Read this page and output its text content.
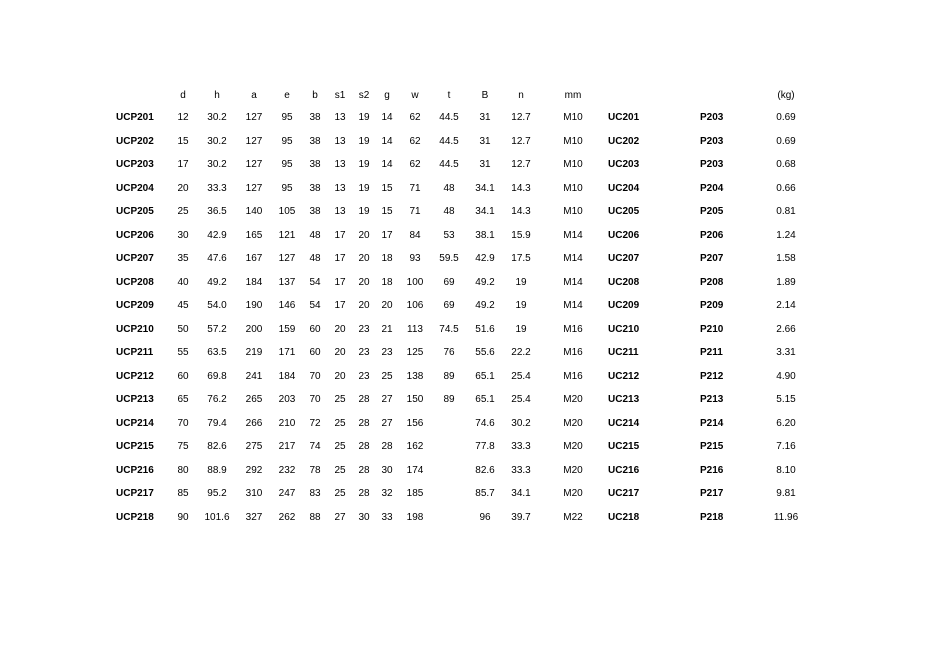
	d	h	a	e	b	s1	s2	g	w	t	B	n	mm			(kg)
UCP201	12	30.2	127	95	38	13	19	14	62	44.5	31	12.7	M10	UC201	P203	0.69
UCP202	15	30.2	127	95	38	13	19	14	62	44.5	31	12.7	M10	UC202	P203	0.69
UCP203	17	30.2	127	95	38	13	19	14	62	44.5	31	12.7	M10	UC203	P203	0.68
UCP204	20	33.3	127	95	38	13	19	15	71	48	34.1	14.3	M10	UC204	P204	0.66
UCP205	25	36.5	140	105	38	13	19	15	71	48	34.1	14.3	M10	UC205	P205	0.81
UCP206	30	42.9	165	121	48	17	20	17	84	53	38.1	15.9	M14	UC206	P206	1.24
UCP207	35	47.6	167	127	48	17	20	18	93	59.5	42.9	17.5	M14	UC207	P207	1.58
UCP208	40	49.2	184	137	54	17	20	18	100	69	49.2	19	M14	UC208	P208	1.89
UCP209	45	54.0	190	146	54	17	20	20	106	69	49.2	19	M14	UC209	P209	2.14
UCP210	50	57.2	200	159	60	20	23	21	113	74.5	51.6	19	M16	UC210	P210	2.66
UCP211	55	63.5	219	171	60	20	23	23	125	76	55.6	22.2	M16	UC211	P211	3.31
UCP212	60	69.8	241	184	70	20	23	25	138	89	65.1	25.4	M16	UC212	P212	4.90
UCP213	65	76.2	265	203	70	25	28	27	150	89	65.1	25.4	M20	UC213	P213	5.15
UCP214	70	79.4	266	210	72	25	28	27	156		74.6	30.2	M20	UC214	P214	6.20
UCP215	75	82.6	275	217	74	25	28	28	162		77.8	33.3	M20	UC215	P215	7.16
UCP216	80	88.9	292	232	78	25	28	30	174		82.6	33.3	M20	UC216	P216	8.10
UCP217	85	95.2	310	247	83	25	28	32	185		85.7	34.1	M20	UC217	P217	9.81
UCP218	90	101.6	327	262	88	27	30	33	198		96	39.7	M22	UC218	P218	11.96
